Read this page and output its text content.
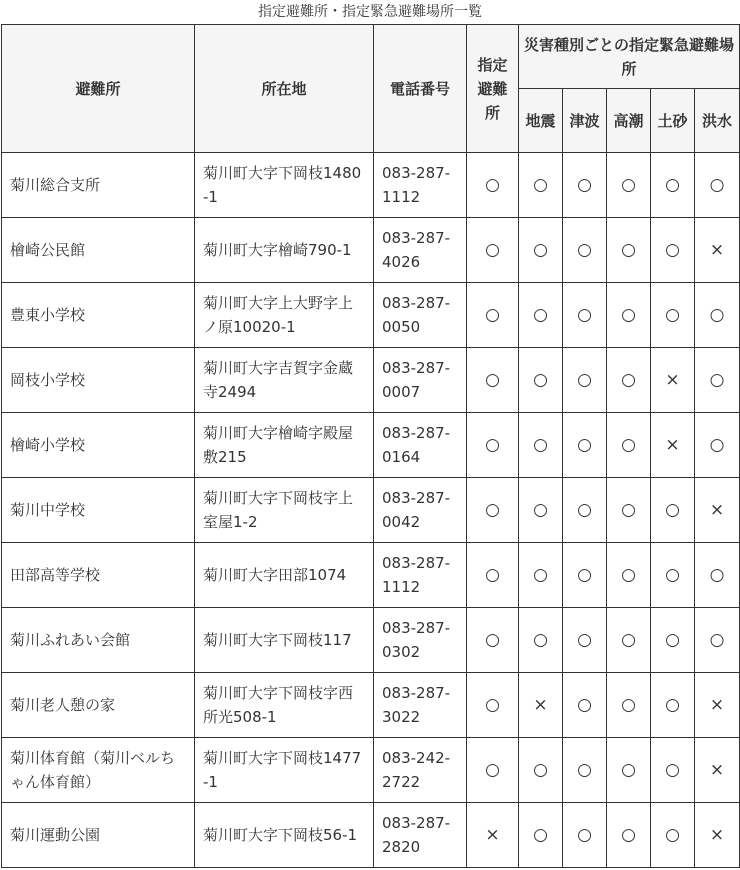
指定避難所・指定緊急避難場所一覧
避難所	所在地	電話番号	指定避難所	災害種別ごとの指定緊急避難場所				

				地震	津波	高潮	土砂	洪水

菊川総合支所	菊川町大字下岡枝1480-1	083-287-1112	○	○	○	○	○	○

檜崎公民館	菊川町大字檜崎790-1	083-287-4026	○	○	○	○	○	×

豊東小学校	菊川町大字上大野字上ノ原10020-1	083-287-0050	○	○	○	○	○	○

岡枝小学校	菊川町大字吉賀字金蔵寺2494	083-287-0007	○	○	○	○	×	○

檜崎小学校	菊川町大字檜崎字殿屋敷215	083-287-0164	○	○	○	○	×	○

菊川中学校	菊川町大字下岡枝字上室屋1-2	083-287-0042	○	○	○	○	○	×

田部高等学校	菊川町大字田部1074	083-287-1112	○	○	○	○	○	○

菊川ふれあい会館	菊川町大字下岡枝117	083-287-0302	○	○	○	○	○	○

菊川老人憩の家	菊川町大字下岡枝字西所光508-1	083-287-3022	○	×	○	○	○	×

菊川体育館（菊川ベルちゃん体育館）	菊川町大字下岡枝1477-1	083-242-2722	○	○	○	○	○	×

菊川運動公園	菊川町大字下岡枝56-1	083-287-2820	×	○	○	○	○	×
